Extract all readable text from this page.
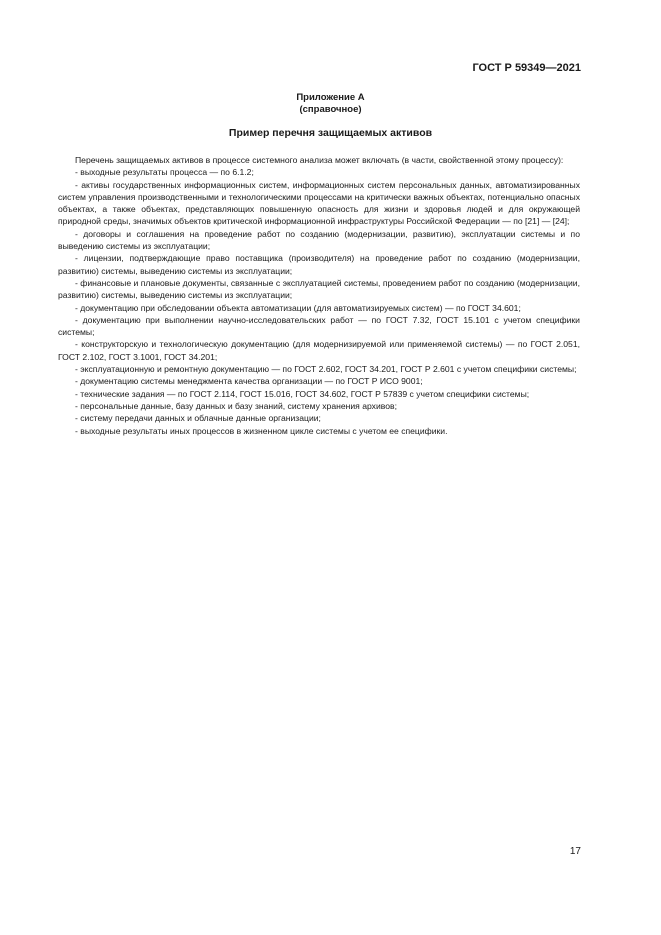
ГОСТ Р 59349—2021
Приложение А
(справочное)
Пример перечня защищаемых активов

Перечень защищаемых активов в процессе системного анализа может включать (в части, свойственной этому процессу):

- выходные результаты процесса — по 6.1.2;

- активы государственных информационных систем, информационных систем персональных данных, автоматизированных систем управления производственными и технологическими процессами на критически важных объектах, потенциально опасных объектах, а также объектах, представляющих повышенную опасность для жизни и здоровья людей и для окружающей природной среды, значимых объектов критической информационной инфраструктуры Российской Федерации — по [21] — [24];

- договоры и соглашения на проведение работ по созданию (модернизации, развитию), эксплуатации системы и по выведению системы из эксплуатации;

- лицензии, подтверждающие право поставщика (производителя) на проведение работ по созданию (модернизации, развитию) системы, выведению системы из эксплуатации;

- финансовые и плановые документы, связанные с эксплуатацией системы, проведением работ по созданию (модернизации, развитию) системы, выведению системы из эксплуатации;

- документацию при обследовании объекта автоматизации (для автоматизируемых систем) — по ГОСТ 34.601;

- документацию при выполнении научно-исследовательских работ — по ГОСТ 7.32, ГОСТ 15.101 с учетом специфики системы;

- конструкторскую и технологическую документацию (для модернизируемой или применяемой системы) — по ГОСТ 2.051, ГОСТ 2.102, ГОСТ 3.1001, ГОСТ 34.201;

- эксплуатационную и ремонтную документацию — по ГОСТ 2.602, ГОСТ 34.201, ГОСТ Р 2.601 с учетом специфики системы;

- документацию системы менеджмента качества организации — по ГОСТ Р ИСО 9001;

- технические задания — по ГОСТ 2.114, ГОСТ 15.016, ГОСТ 34.602, ГОСТ Р 57839 с учетом специфики системы;

- персональные данные, базу данных и базу знаний, систему хранения архивов;

- систему передачи данных и облачные данные организации;

- выходные результаты иных процессов в жизненном цикле системы с учетом ее специфики.

17
